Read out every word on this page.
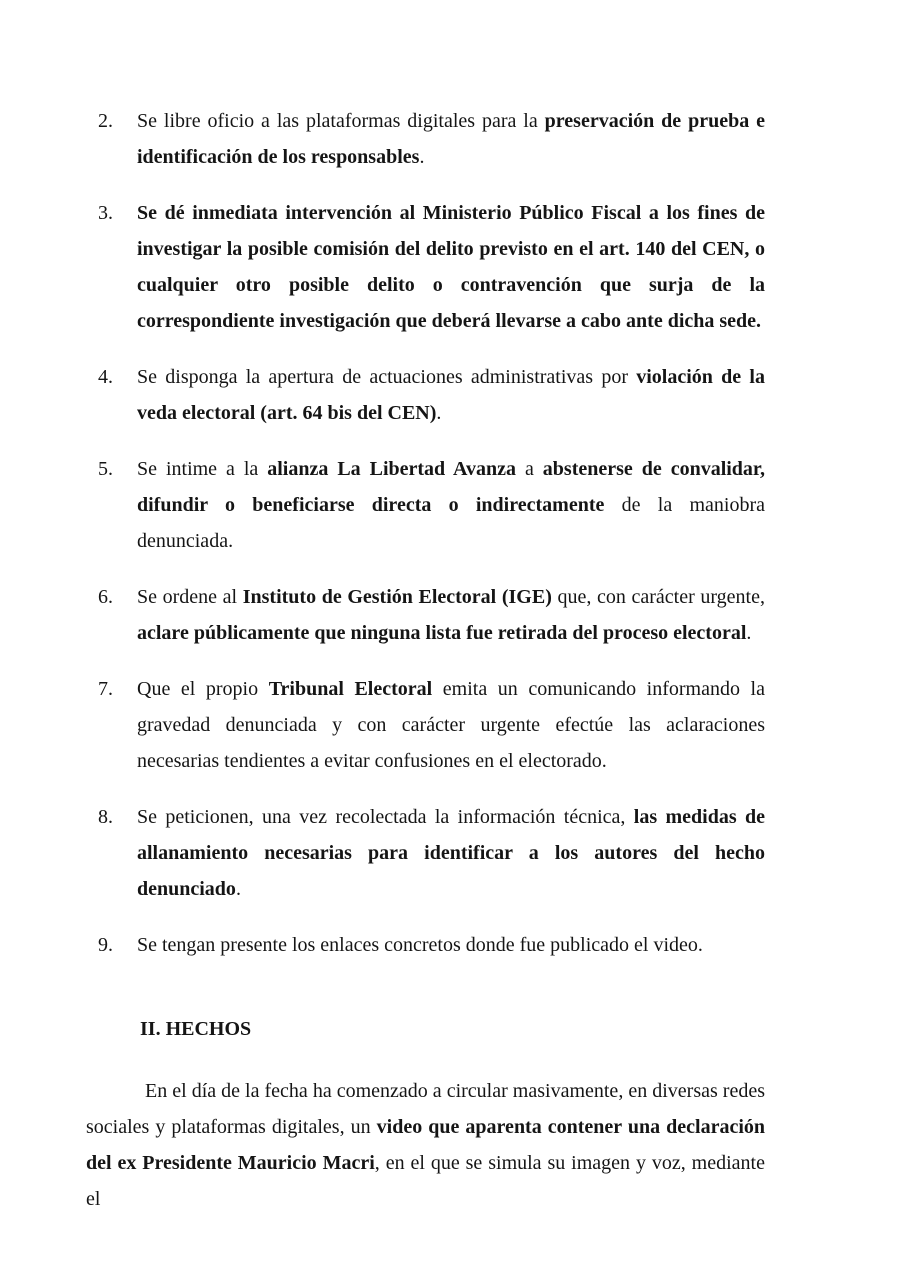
2. Se libre oficio a las plataformas digitales para la preservación de prueba e identificación de los responsables.
3. Se dé inmediata intervención al Ministerio Público Fiscal a los fines de investigar la posible comisión del delito previsto en el art. 140 del CEN, o cualquier otro posible delito o contravención que surja de la correspondiente investigación que deberá llevarse a cabo ante dicha sede.
4. Se disponga la apertura de actuaciones administrativas por violación de la veda electoral (art. 64 bis del CEN).
5. Se intime a la alianza La Libertad Avanza a abstenerse de convalidar, difundir o beneficiarse directa o indirectamente de la maniobra denunciada.
6. Se ordene al Instituto de Gestión Electoral (IGE) que, con carácter urgente, aclare públicamente que ninguna lista fue retirada del proceso electoral.
7. Que el propio Tribunal Electoral emita un comunicando informando la gravedad denunciada y con carácter urgente efectúe las aclaraciones necesarias tendientes a evitar confusiones en el electorado.
8. Se peticionen, una vez recolectada la información técnica, las medidas de allanamiento necesarias para identificar a los autores del hecho denunciado.
9. Se tengan presente los enlaces concretos donde fue publicado el video.

II. HECHOS

En el día de la fecha ha comenzado a circular masivamente, en diversas redes sociales y plataformas digitales, un video que aparenta contener una declaración del ex Presidente Mauricio Macri, en el que se simula su imagen y voz, mediante el
